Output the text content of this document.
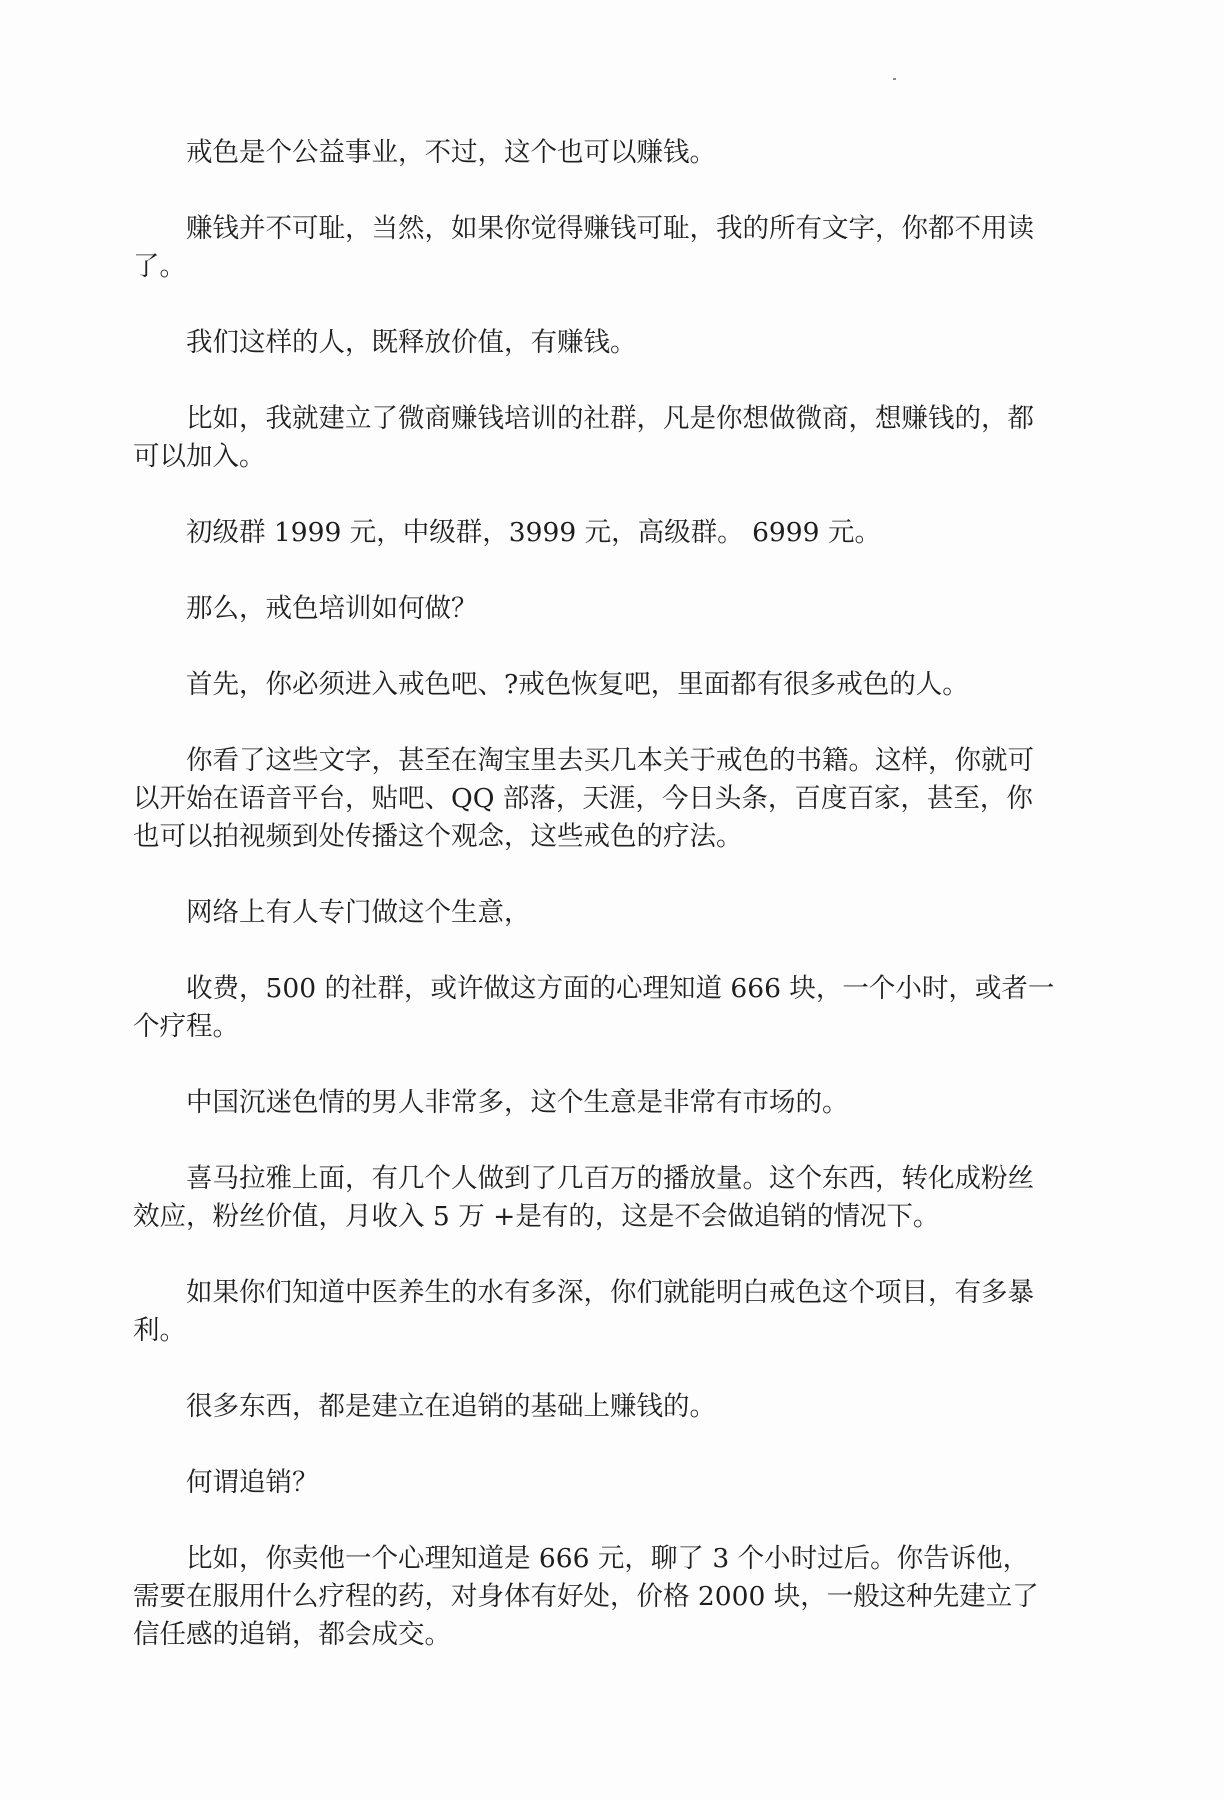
戒色是个公益事业，不过，这个也可以赚钱。

赚钱并不可耻，当然，如果你觉得赚钱可耻，我的所有文字，你都不用读了。

我们这样的人，既释放价值，有赚钱。

比如，我就建立了微商赚钱培训的社群，凡是你想做微商，想赚钱的，都可以加入。

初级群 1999 元，中级群，3999 元，高级群。 6999 元。

那么，戒色培训如何做？

首先，你必须进入戒色吧、?戒色恢复吧，里面都有很多戒色的人。

你看了这些文字，甚至在淘宝里去买几本关于戒色的书籍。这样，你就可以开始在语音平台，贴吧、QQ 部落，天涯，今日头条，百度百家，甚至，你也可以拍视频到处传播这个观念，这些戒色的疗法。

网络上有人专门做这个生意，

收费，500 的社群，或许做这方面的心理知道 666 块，一个小时，或者一个疗程。

中国沉迷色情的男人非常多，这个生意是非常有市场的。

喜马拉雅上面，有几个人做到了几百万的播放量。这个东西，转化成粉丝效应，粉丝价值，月收入 5 万 +是有的，这是不会做追销的情况下。

如果你们知道中医养生的水有多深，你们就能明白戒色这个项目，有多暴利。

很多东西，都是建立在追销的基础上赚钱的。

何谓追销？

比如，你卖他一个心理知道是 666 元，聊了 3 个小时过后。你告诉他，需要在服用什么疗程的药，对身体有好处，价格 2000 块，一般这种先建立了信任感的追销，都会成交。
